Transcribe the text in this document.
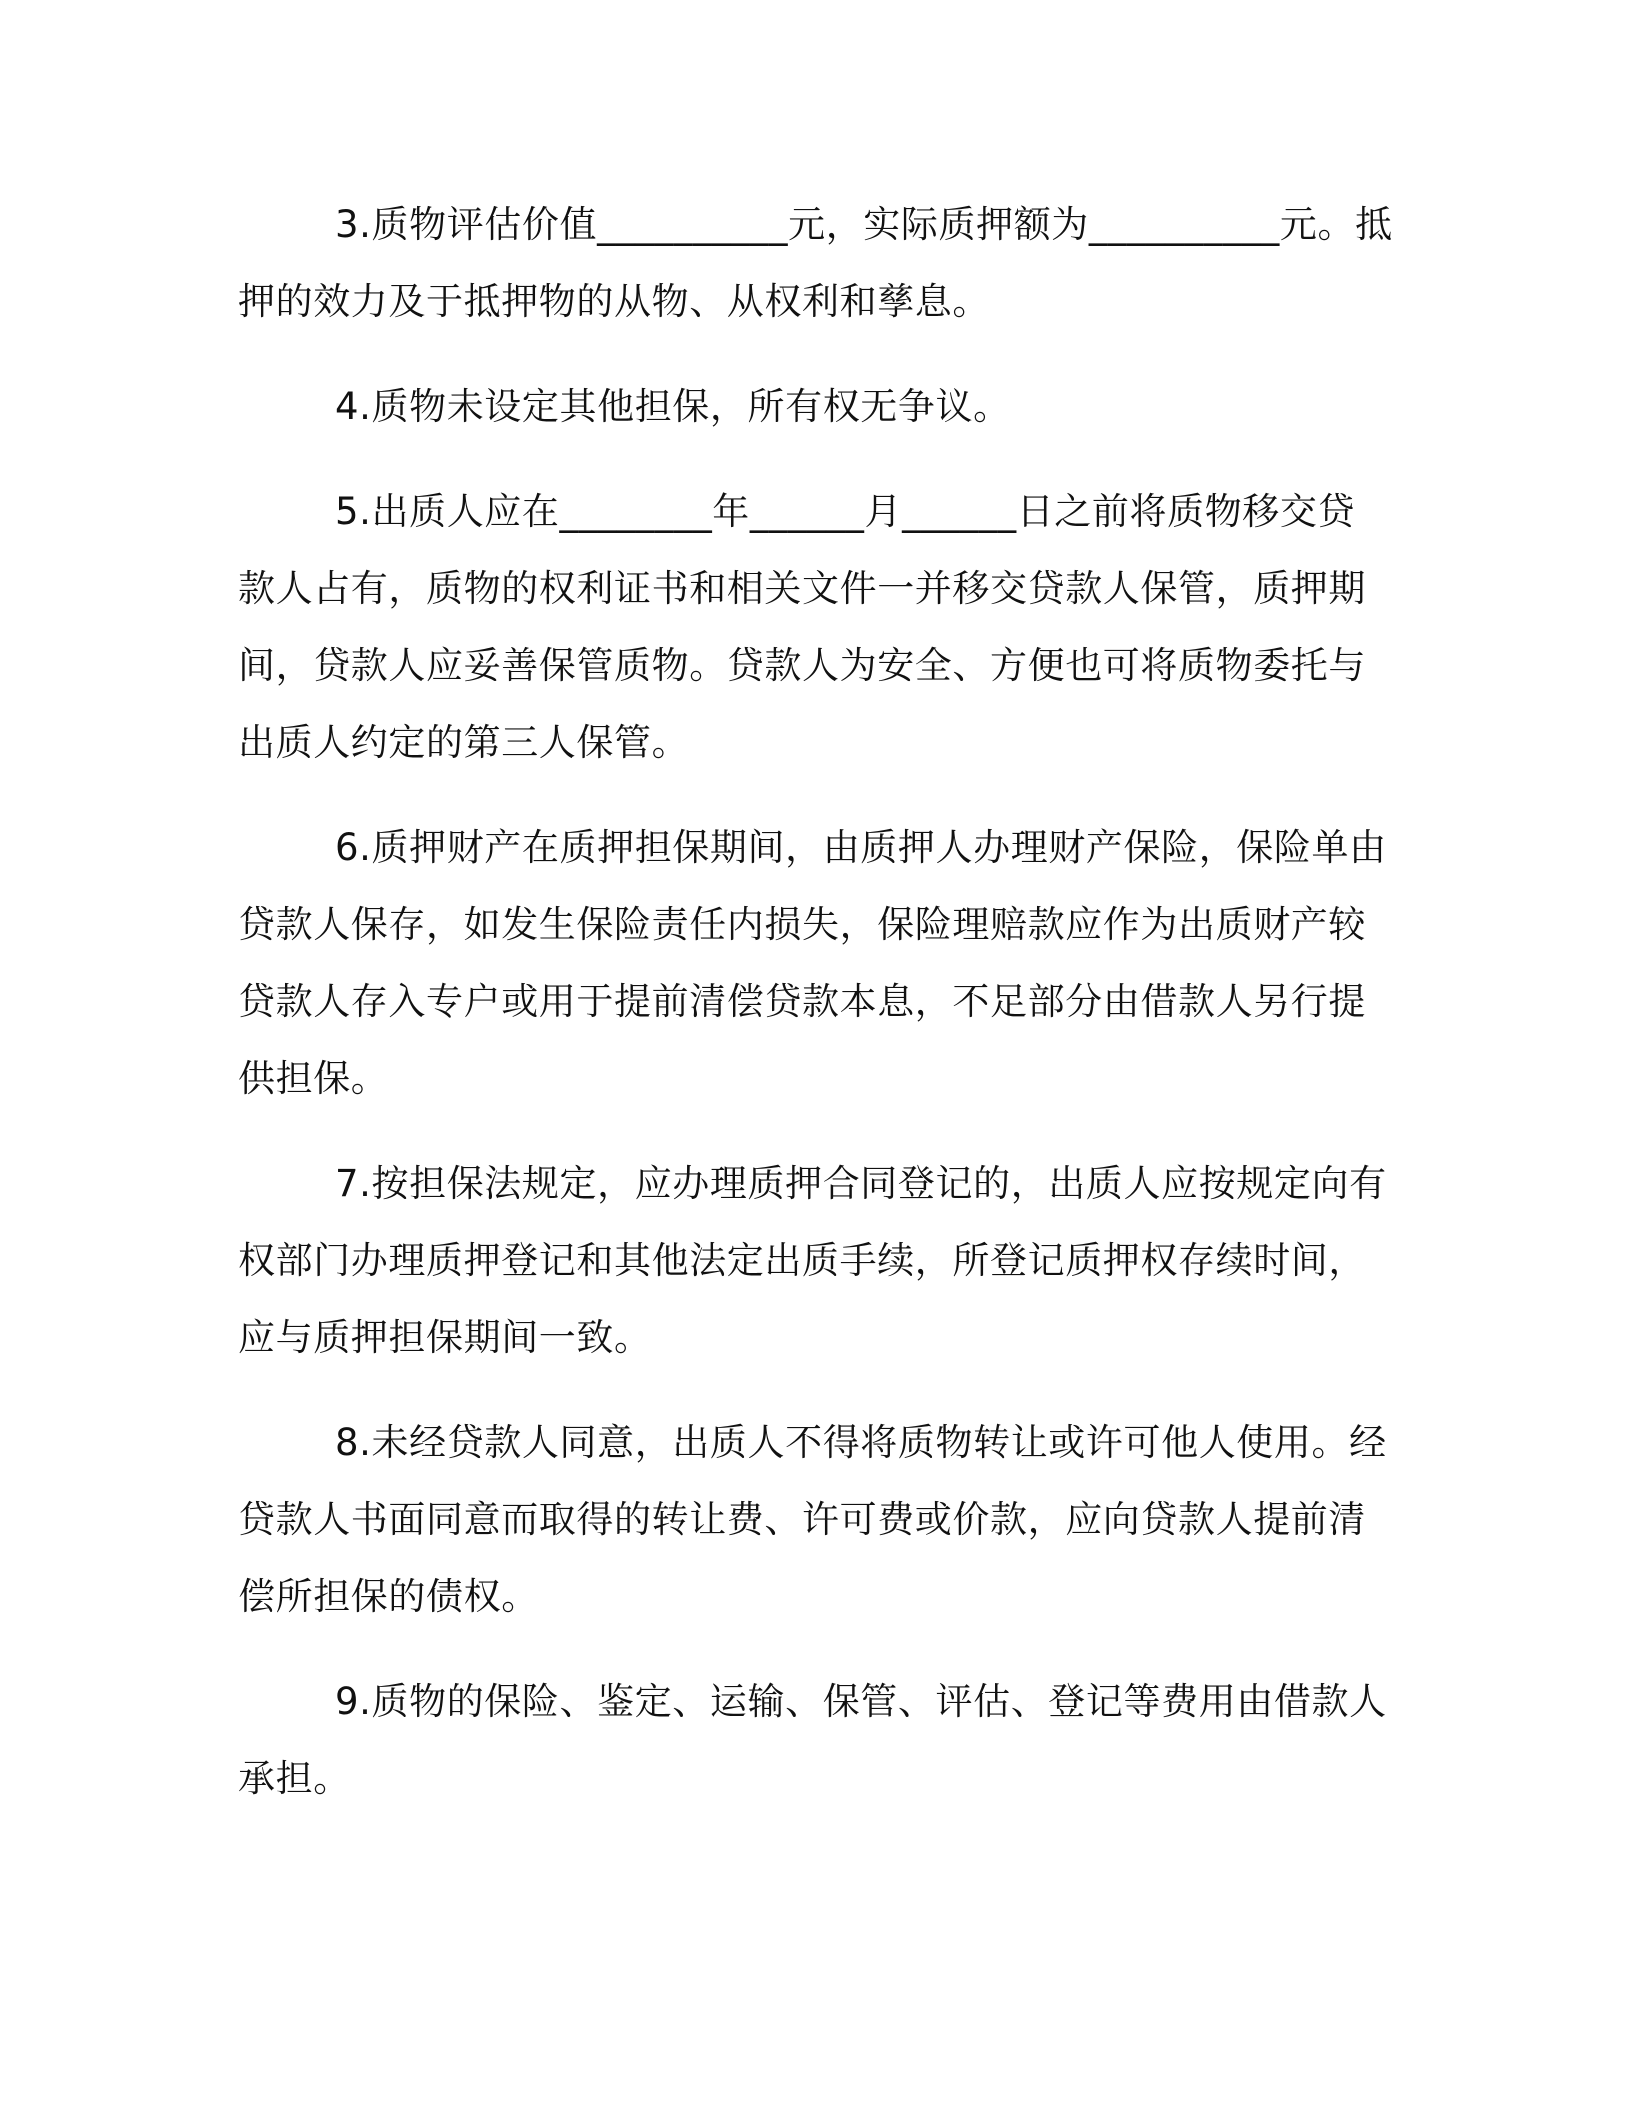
3.质物评估价值__________元，实际质押额为__________元。抵
押的效力及于抵押物的从物、从权利和孳息。

4.质物未设定其他担保，所有权无争议。

5.出质人应在________年______月______日之前将质物移交贷
款人占有，质物的权利证书和相关文件一并移交贷款人保管，质押期
间，贷款人应妥善保管质物。贷款人为安全、方便也可将质物委托与
出质人约定的第三人保管。

6.质押财产在质押担保期间，由质押人办理财产保险，保险单由
贷款人保存，如发生保险责任内损失，保险理赔款应作为出质财产较
贷款人存入专户或用于提前清偿贷款本息，不足部分由借款人另行提
供担保。

7.按担保法规定，应办理质押合同登记的，出质人应按规定向有
权部门办理质押登记和其他法定出质手续，所登记质押权存续时间，
应与质押担保期间一致。

8.未经贷款人同意，出质人不得将质物转让或许可他人使用。经
贷款人书面同意而取得的转让费、许可费或价款，应向贷款人提前清
偿所担保的债权。

9.质物的保险、鉴定、运输、保管、评估、登记等费用由借款人
承担。
